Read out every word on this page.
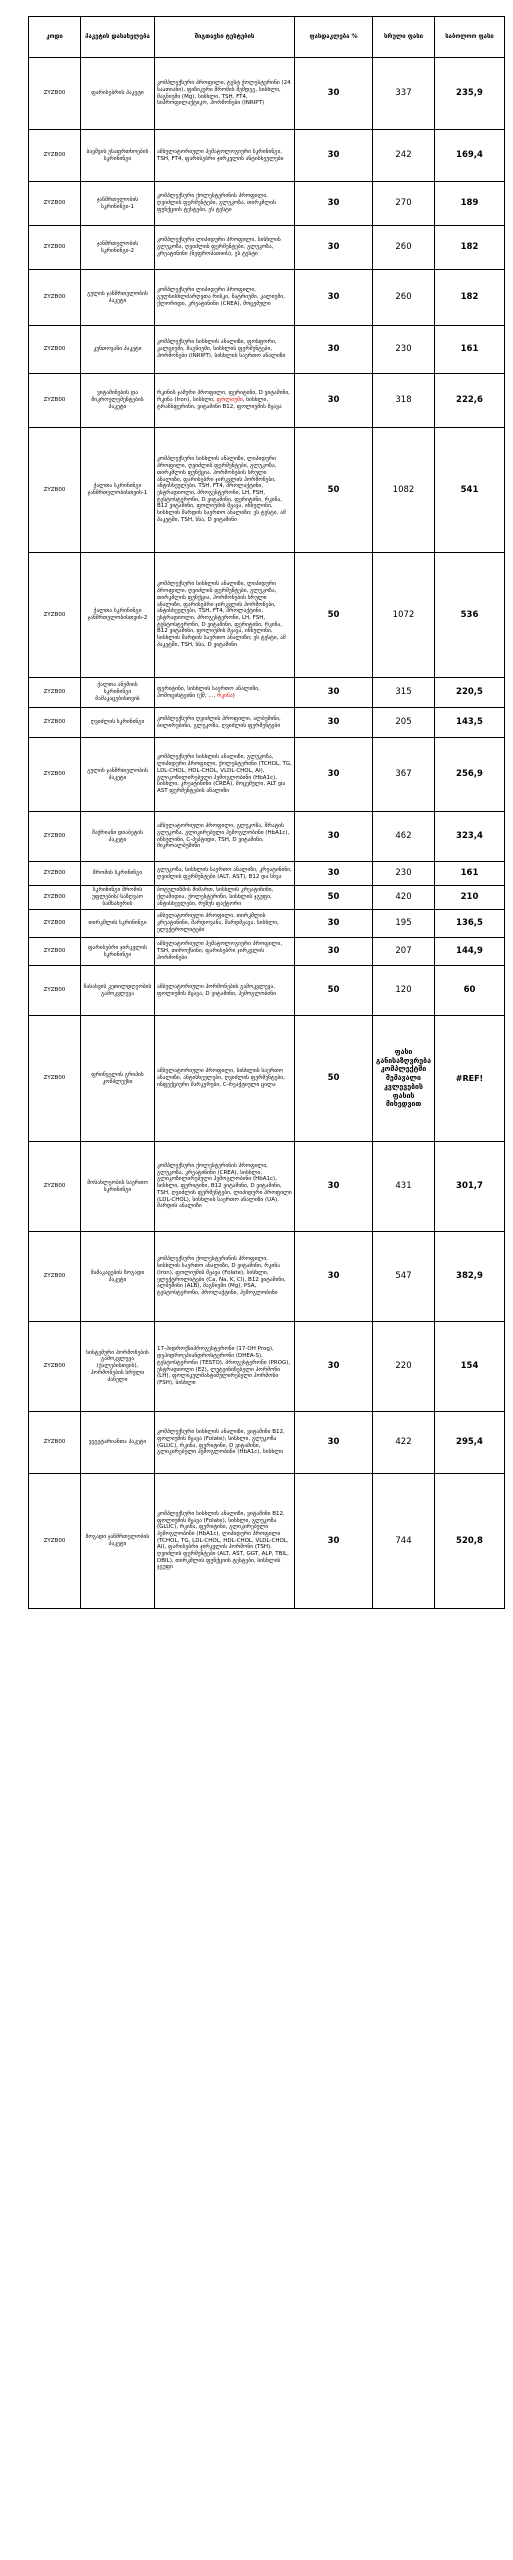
კოდი	პაკეტის დასახელება	შიგთავსი ტესტების	ფასდაკლება %	სრული ფასი	საბოლოო ფასი
ZYZB00	ფარისებრის პაკეტი	კომპლექსური პროფილი, ტესტ ქოლესტერინი (24 საათიანი), ფიზიკური შრომის შემდეგ, სისხლი, მაგნიუმი (Mg), სისხლი, TSH, FT4, სიპროფილაქტიკო, ჰორმონები (INRIPT)	30	337	235,9
ZYZB00	ბავშვის უსაფრთხოების სკრინინგი	ამბულატორიული ჰემატოლოგიური სკრინინგი, TSH, FT4, ფარისებრი ჯირკვლის ანტისხეულები	30	242	169,4
ZYZB00	ჯანმრთელობის სკრინინგი-1	კომპლექსური ქოლესტერინის პროფილი, ღვიძლის ფერმენტები, გლუკოზა, თირკმლის ფუნქციის ტესტები, ეს ტესტი	30	270	189
ZYZB00	ჯანმრთელობის სკრინინგი-2	კომპლექსური ლიპიდური პროფილი, სისხლის გლუკოზა, ღვიძლის ფერმენტები, გლუკოზა, კრეატინინი (ნეფროპათიის), ეს ტესტი	30	260	182
ZYZB00	გულის ჯანმრთელობის პაკეტი	კომპლექსური ლიპიდური პროფილი, გულსისხლძარღვთა რისკი, ნატრიუმი, კალიუმი, ქლორიდი, კრეატინინი (CREA), მოცემული	30	260	182
ZYZB00	კუნთოვანი პაკეტი	კომპლექსური სისხლის ანალიზი, ფოსფორი, კალციუმი, მაგნიუმი, სისხლის ფერმენტები, ჰორმონები (INRIPT), სისხლის საერთო ანალიზი	30	230	161
ZYZB00	ვიტამინების და მიკროელემენტების პაკეტი	რკინის ჯამური პროფილი, ფერიტინი, D ვიტამინი, რკინა (Iron), სისხლი, ფოლიუმი, სისხლი, ტრანსფერინი, ვიტამინი B12, ფოლიუმის მჟავა	30	318	222,6
ZYZB00	ქალთა სკრინინგი ჯანმრთელობისთვის-1	კომპლექსური სისხლის ანალიზი, ლიპიდური პროფილი, ღვიძლის ფერმენტები, გლუკოზა, თირკმლის ფუნქცია, ჰორმონების სრული ანალიზი, ფარისებრი ჯირკვლის ჰორმონები, ანტისხეულები, TSH, FT4, პროლაქტინი, ესტრადიოლი, პროგესტერონი, LH, FSH, ტესტოსტერონი, D ვიტამინი, ფერიტინი, რკინა, B12 ვიტამინი, ფოლიუმის მჟავა, ინსულინი, სისხლის შარდის საერთო ანალიზი; ეს ტესტი, ამ პაკეტში, TSH, სსა, D ვიტამინი	50	1082	541
ZYZB00	ქალთა სკრინინგი ჯანმრთელობისთვის-2	კომპლექსური სისხლის ანალიზი, ლიპიდური პროფილი, ღვიძლის ფერმენტები, გლუკოზა, თირკმლის ფუნქცია, ჰორმონების სრული ანალიზი, ფარისებრი ჯირკვლის ჰორმონები, ანტისხეულები, TSH, FT4, პროლაქტინი, ესტრადიოლი, პროგესტერონი, LH, FSH, ტესტოსტერონი, D ვიტამინი, ფერიტინი, რკინა, B12 ვიტამინი, ფოლიუმის მჟავა, ინსულინი, სისხლის შარდის საერთო ანალიზი; ეს ტესტი, ამ პაკეტში, TSH, სსა, D ვიტამინი	50	1072	536
ZYZB00	ქალთა ანემიის სკრინინგი მამაკაცებისთვის	ფერიტინი, სისხლის საერთო ანალიზი, ჰომოცისტეინი (ქმ, ..., რკინა)	30	315	220,5
ZYZB00	ღვიძლის სკრინინგი	კომპლექსური ღვიძლის პროფილი, ალბუმინი, ბილირუბინი, გლუკოზა, ღვიძლის ფერმენტები	30	205	143,5
ZYZB00	გულის ჯანმრთელობის პაკეტი	კომპლექსური სისხლის ანალიზი, გლუკოზა, ლიპიდური პროფილი, ქოლესტერინი (TCHOL, TG, LDL-CHOL, HDL-CHOL, VLDL-CHOL, AI), გლიკოზილირებული ჰემოგლობინი (HbA1c), სისხლი, კრეატინინი (CREA), მოცემული, ALT და AST ფერმენტების ანალიზი	30	367	256,9
ZYZB00	შაქრიანი დიაბეტის პაკეტი	ამბულატორიული პროფილი, გლუკოზა, შრატის გლუკოზა, გლიკირებული ჰემოგლობინი (HbA1c), ინსულინი, C-პეპტიდი, TSH, D ვიტამინი, მიკროალბუმინი	30	462	323,4
ZYZB00	შრომის სკრინინგი	გლუკოზა, სისხლის საერთო ანალიზი, კრეატინინი, ღვიძლის ფერმენტები (ALT, AST), B12 და სხვა	30	230	161
ZYZB00	სკრინინგი შრომის უფლების/ საზღვაო სამსახურის	ბოტულიზმის მიმართ, სისხლის კრეატინინი, ქლამიდია, ქოლესტერინი, სისხლის ჯგუფი, ანტისხეულები, რეზუს ფაქტორი	50	420	210
ZYZB00	თირკმლის სკრინინგი	ამბულატორიული პროფილი, თირკმლის კრეატინინი, შარდოვანა, შარდმჟავა, სისხლი, ელექტროლიტები	30	195	136,5
ZYZB00	ფარისებრი ჯირკვლის სკრინინგი	ამბულატორიული ჰემატოლოგიური პროფილი, TSH, თიროქსინი, ფარისებრი ჯირკვლის ჰორმონები	30	207	144,9
ZYZB00	ჩასახვის კეთილდღეობის გამოკვლევა	ამბულატორიული ჰორმონების გამოკვლევა, ფოლიუმის მჟავა, D ვიტამინი, ჰემოგლობინი	50	120	60
ZYZB00	ფრინველის გრიპის კომპლექსი	ამბულატორიული პროფილი, სისხლის საერთო ანალიზი, ანტისხეულები, ღვიძლის ფერმენტები, ინფექციური მარკერები, C-რეაქტიული ცილა	50	ფასი განისაზღვრება კომპლექტში შემავალი კვლევების ფასის მიხედვით	#REF!
ZYZB00	მოსახლეობის საერთო სკრინინგი	კომპლექსური ქოლესტერინის პროფილი, გლუკოზა, კრეატინინი (CREA), სისხლი, გლიკოზილირებული ჰემოგლობინი (HbA1c), სისხლი, ფერიტინი, B12 ვიტამინი, D ვიტამინი, TSH, ღვიძლის ფერმენტები, ლიპიდური პროფილი (LDL-CHOL), სისხლის საერთო ანალიზი (UA), შარდის ანალიზი	30	431	301,7
ZYZB00	მამაკაცების ზოგადი პაკეტი	კომპლექსური ქოლესტერინის პროფილი, სისხლის საერთო ანალიზი, D ვიტამინი, რკინა (Iron), ფოლიუმის მჟავა (Folate), სისხლი, ელექტროლიტები (Ca, Na, K, Cl), B12 ვიტამინი, ალბუმინი (ALB), მაგნიუმი (Mg), PSA, ტესტოსტერონი, პროლაქტინი, ჰემოგლობინი	30	547	382,9
ZYZB00	სისტემური ჰორმონების გამოკვლევა (ქალებისთვის), ჰორმონების სრული პანელი	17-ჰიდროქსიპროგესტერონი (17-OH Prog), დეჰიდროეპიანდროსტერონი (DHEA-S), ტესტოსტერონი (TESTO), პროგესტერონი (PROG), ესტრადიოლი (E2), ლუტეინიზებელი ჰორმონი (LH), ფოლიკულმასტიმულირებელი ჰორმონი (FSH), სისხლი	30	220	154
ZYZB00	ვეგეტარიანთა პაკეტი	კომპლექსური სისხლის ანალიზი, ვიტამინი B12, ფოლიუმის მჟავა (Folate), სისხლი, გლუკოზა (GLUC), რკინა, ფერიტინი, D ვიტამინი, გლიკირებული ჰემოგლობინი (HbA1c), სისხლი	30	422	295,4
ZYZB00	ზოგადი ჯანმრთელობის პაკეტი	კომპლექსური სისხლის ანალიზი, ვიტამინი B12, ფოლიუმის მჟავა (Folate), სისხლი, გლუკოზა (GLUC), რკინა, ფერიტინი, გლიკირებული ჰემოგლობინი (HbA1c), ლიპიდური პროფილი (TCHOL, TG, LDL-CHOL, HDL-CHOL, VLDL-CHOL, AI), ფარისებრი ჯირკვლის ჰორმონი (TSH), ღვიძლის ფერმენტები (ALT, AST, GGT, ALP, TBIL, DBIL), თირკმლის ფუნქციის ტესტები, სისხლის ჯგუფი	30	744	520,8
